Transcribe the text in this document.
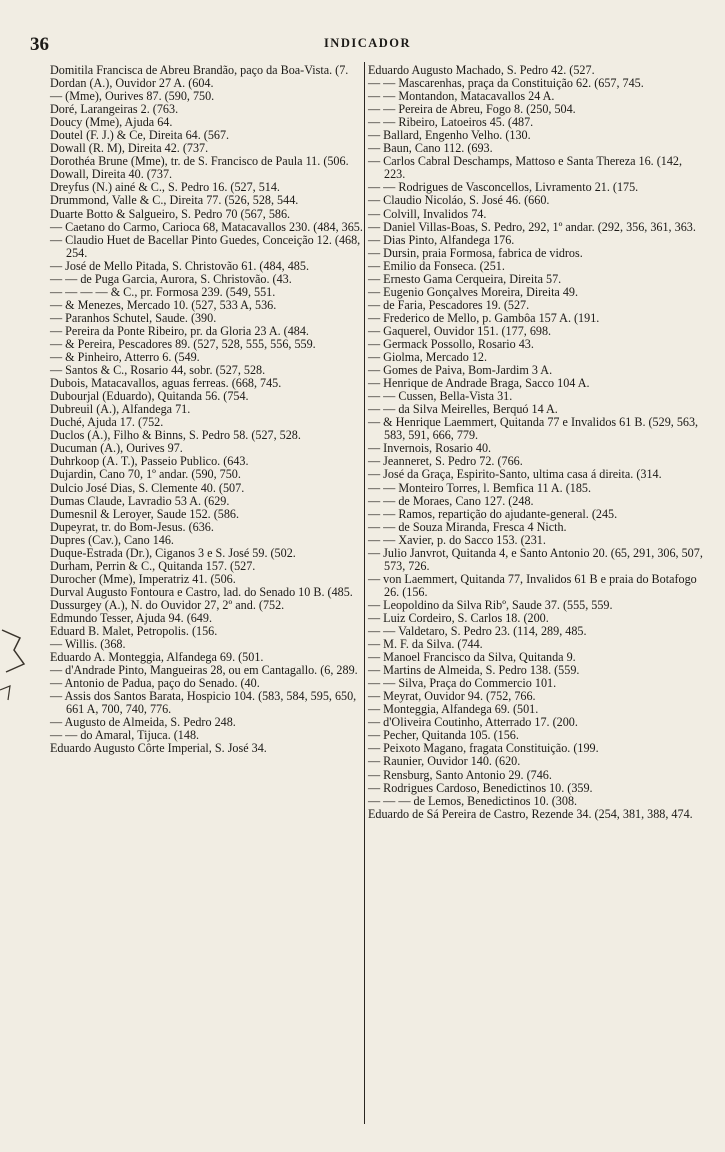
36	INDICADOR

Domitila Francisca de Abreu Brandão, paço da Boa-Vista. (7.

Dordan (A.), Ouvidor 27 A. (604.

— (Mme), Ourives 87. (590, 750.

Doré, Larangeiras 2. (763.

Doucy (Mme), Ajuda 64.

Doutel (F. J.) & Ce, Direita 64. (567.

Dowall (R. M), Direita 42. (737.

Dorothéa Brune (Mme), tr. de S. Francisco de Paula 11. (506.

Dowall, Direita 40. (737.

Dreyfus (N.) ainé & C., S. Pedro 16. (527, 514.

Drummond, Valle & C., Direita 77. (526, 528, 544.

Duarte Botto & Salgueiro, S. Pedro 70 (567, 586.

— Caetano do Carmo, Carioca 68, Matacavallos 230. (484, 365.

— Claudio Huet de Bacellar Pinto Guedes, Conceição 12. (468, 254.

— José de Mello Pitada, S. Christovão 61. (484, 485.

— — de Puga Garcia, Aurora, S. Christovão. (43.

— — — — & C., pr. Formosa 239. (549, 551.

— & Menezes, Mercado 10. (527, 533 A, 536.

— Paranhos Schutel, Saude. (390.

— Pereira da Ponte Ribeiro, pr. da Gloria 23 A. (484.

— & Pereira, Pescadores 89. (527, 528, 555, 556, 559.

— & Pinheiro, Atterro 6. (549.

— Santos & C., Rosario 44, sobr. (527, 528.

Dubois, Matacavallos, aguas ferreas. (668, 745.

Dubourjal (Eduardo), Quitanda 56. (754.

Dubreuil (A.), Alfandega 71.

Duché, Ajuda 17. (752.

Duclos (A.), Filho & Binns, S. Pedro 58. (527, 528.

Ducuman (A.), Ourives 97.

Duhrkoop (A. T.), Passeio Publico. (643.

Dujardin, Cano 70, 1º andar. (590, 750.

Dulcio José Dias, S. Clemente 40. (507.

Dumas Claude, Lavradio 53 A. (629.

Dumesnil & Leroyer, Saude 152. (586.

Dupeyrat, tr. do Bom-Jesus. (636.

Dupres (Cav.), Cano 146.

Duque-Estrada (Dr.), Ciganos 3 e S. José 59. (502.

Durham, Perrin & C., Quitanda 157. (527.

Durocher (Mme), Imperatriz 41. (506.

Durval Augusto Fontoura e Castro, lad. do Senado 10 B. (485.

Dussurgey (A.), N. do Ouvidor 27, 2º and. (752.

Edmundo Tesser, Ajuda 94. (649.

Eduard B. Malet, Petropolis. (156.

— Willis. (368.

Eduardo A. Monteggia, Alfandega 69. (501.

— d'Andrade Pinto, Mangueiras 28, ou em Cantagallo. (6, 289.

— Antonio de Padua, paço do Senado. (40.

— Assis dos Santos Barata, Hospicio 104. (583, 584, 595, 650, 661 A, 700, 740, 776.

— Augusto de Almeida, S. Pedro 248.

— — do Amaral, Tijuca. (148.

Eduardo Augusto Côrte Imperial, S. José 34.

Eduardo Augusto Machado, S. Pedro 42. (527.

— — Mascarenhas, praça da Constituição 62. (657, 745.

— — Montandon, Matacavallos 24 A.

— — Pereira de Abreu, Fogo 8. (250, 504.

— — Ribeiro, Latoeiros 45. (487.

— Ballard, Engenho Velho. (130.

— Baun, Cano 112. (693.

— Carlos Cabral Deschamps, Mattoso e Santa Thereza 16. (142, 223.

— — Rodrigues de Vasconcellos, Livramento 21. (175.

— Claudio Nicoláo, S. José 46. (660.

— Colvill, Invalidos 74.

— Daniel Villas-Boas, S. Pedro, 292, 1º andar. (292, 356, 361, 363.

— Dias Pinto, Alfandega 176.

— Dursin, praia Formosa, fabrica de vidros.

— Emilio da Fonseca. (251.

— Ernesto Gama Cerqueira, Direita 57.

— Eugenio Gonçalves Moreira, Direita 49.

— de Faria, Pescadores 19. (527.

— Frederico de Mello, p. Gambôa 157 A. (191.

— Gaquerel, Ouvidor 151. (177, 698.

— Germack Possollo, Rosario 43.

— Giolma, Mercado 12.

— Gomes de Paiva, Bom-Jardim 3 A.

— Henrique de Andrade Braga, Sacco 104 A.

— — Cussen, Bella-Vista 31.

— — da Silva Meirelles, Berquó 14 A.

— & Henrique Laemmert, Quitanda 77 e Invalidos 61 B. (529, 563, 583, 591, 666, 779.

— Invernois, Rosario 40.

— Jeanneret, S. Pedro 72. (766.

— José da Graça, Espirito-Santo, ultima casa á direita. (314.

— — Monteiro Torres, l. Bemfica 11 A. (185.

— — de Moraes, Cano 127. (248.

— — Ramos, repartição do ajudante-general. (245.

— — de Souza Miranda, Fresca 4 Nicth.

— — Xavier, p. do Sacco 153. (231.

— Julio Janvrot, Quitanda 4, e Santo Antonio 20. (65, 291, 306, 507, 573, 726.

— von Laemmert, Quitanda 77, Invalidos 61 B e praia do Botafogo 26. (156.

— Leopoldino da Silva Ribº, Saude 37. (555, 559.

— Luiz Cordeiro, S. Carlos 18. (200.

— — Valdetaro, S. Pedro 23. (114, 289, 485.

— M. F. da Silva. (744.

— Manoel Francisco da Silva, Quitanda 9.

— Martins de Almeida, S. Pedro 138. (559.

— — Silva, Praça do Commercio 101.

— Meyrat, Ouvidor 94. (752, 766.

— Monteggia, Alfandega 69. (501.

— d'Oliveira Coutinho, Atterrado 17. (200.

— Pecher, Quitanda 105. (156.

— Peixoto Magano, fragata Constituição. (199.

— Raunier, Ouvidor 140. (620.

— Rensburg, Santo Antonio 29. (746.

— Rodrigues Cardoso, Benedictinos 10. (359.

— — — de Lemos, Benedictinos 10. (308.

Eduardo de Sá Pereira de Castro, Rezende 34. (254, 381, 388, 474.
